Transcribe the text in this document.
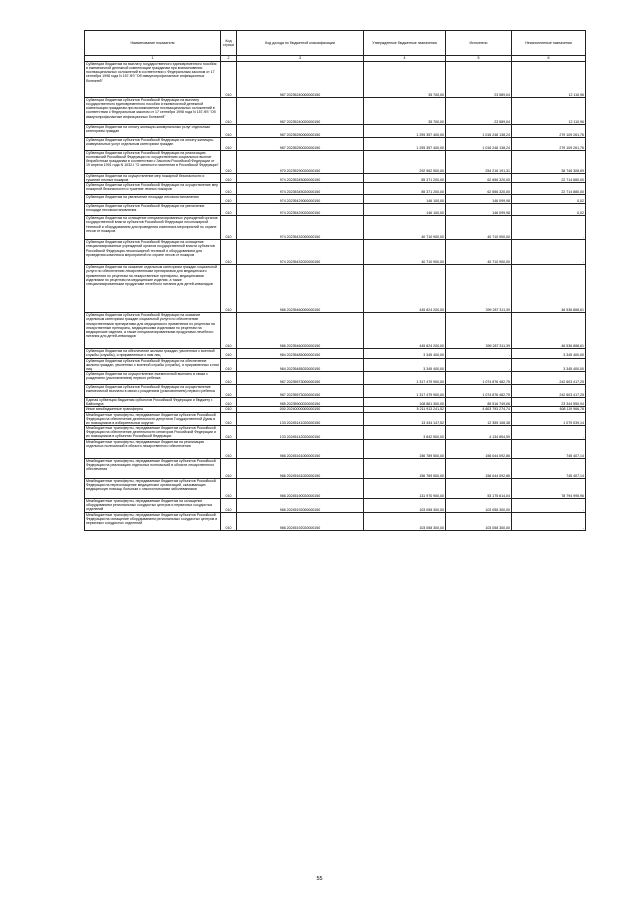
Наименование показателя	Код строки	Код дохода по бюджетной классификации	Утвержденные бюджетные назначения	Исполнено	Неисполненные назначения
1	2	3	4	5	6
Субвенции бюджетам на выплату государственного единовременного пособия и ежемесячной денежной компенсации гражданам при возникновении поствакцинальных осложнений в соответствии с Федеральным законом от 17 сентября 1998 года N 157-ФЗ "Об иммунопрофилактике инфекционных болезней"	010	987 20235240000000150	35 700,00	23 589,04	12 110,96
Субвенции бюджетам субъектов Российской Федерации на выплату государственного единовременного пособия и ежемесячной денежной компенсации гражданам при возникновении поствакцинальных осложнений в соответствии с Федеральным законом от 17 сентября 1998 года N 157-ФЗ "Об иммунопрофилактике инфекционных болезней"	010	987 20235240020000150	35 700,00	23 589,04	12 110,96
Субвенции бюджетам на оплату жилищно-коммунальных услуг отдельным категориям граждан	010	987 20235250000000150	1 295 357 400,00	1 016 248 138,24	279 109 261,76
Субвенции бюджетам субъектов Российской Федерации на оплату жилищно-коммунальных услуг отдельным категориям граждан	010	987 20235250020000150	1 295 357 400,00	1 016 248 138,24	279 109 261,76
Субвенции бюджетам субъектов Российской Федерации на реализацию полномочий Российской Федерации по осуществлению социальных выплат безработным гражданам в соответствии с Законом Российской Федерации от 19 апреля 1991 года N 1032-I "О занятости населения в Российской Федерации"	010	970 20235290020000150	292 962 500,00	254 216 191,31	38 746 308,69
Субвенции бюджетам на осуществление мер пожарной безопасности и тушение лесных пожаров	010	974 20235345000000150	85 371 200,00	62 656 320,00	22 714 880,00
Субвенции бюджетам субъектов Российской Федерации на осуществление мер пожарной безопасности и тушение лесных пожаров	010	974 20235345020000150	85 371 200,00	62 656 320,00	22 714 880,00
Субвенции бюджетам на увеличение площади лесовосстановления	010	974 20235429000000150	146 100,00	146 099,98	0,02
Субвенции бюджетам субъектов Российской Федерации на увеличение площади лесовосстановления	010	974 20235429020000150	146 100,00	146 099,98	0,02
Субвенции бюджетам на оснащение специализированных учреждений органов государственной власти субъектов Российской Федерации лесопожарной техникой и оборудованием для проведения комплекса мероприятий по охране лесов от пожаров	010	974 20235432000000150	40 710 900,00	40 710 900,00	-
Субвенции бюджетам субъектов Российской Федерации на оснащение специализированных учреждений органов государственной власти субъектов Российской Федерации лесопожарной техникой и оборудованием для проведения комплекса мероприятий по охране лесов от пожаров	010	974 20235432020000150	40 710 900,00	40 710 900,00	-
Субвенции бюджетам на оказание отдельным категориям граждан социальной услуги по обеспечению лекарственными препаратами для медицинского применения по рецептам на лекарственные препараты, медицинскими изделиями по рецептам на медицинские изделия, а также специализированными продуктами лечебного питания для детей-инвалидов	010	986 20235460000000150	445 824 200,00	399 287 311,39	46 536 888,61
Субвенции бюджетам субъектов Российской Федерации на оказание отдельным категориям граждан социальной услуги по обеспечению лекарственными препаратами для медицинского применения по рецептам на лекарственные препараты, медицинскими изделиями по рецептам на медицинские изделия, а также специализированными продуктами лечебного питания для детей-инвалидов	010	986 20235460020000150	445 824 200,00	399 287 311,39	46 536 888,61
Субвенции бюджетам на обеспечение жильем граждан, уволенных с военной службы (службы), и приравненных к ним лиц	010	984 20235485000000150	3 345 400,00	-	3 345 400,00
Субвенции бюджетам субъектов Российской Федерации на обеспечение жильем граждан, уволенных с военной службы (службы), и приравненных к ним лиц	010	984 20235485020000150	3 345 400,00	-	3 345 400,00
Субвенции бюджетам на осуществление ежемесячной выплаты в связи с рождением (усыновлением) первого ребенка	010	987 20235573000000150	1 317 479 900,00	1 074 876 482,75	242 603 417,25
Субвенции бюджетам субъектов Российской Федерации на осуществление ежемесячной выплаты в связи с рождением (усыновлением) первого ребенка	010	987 20235573020000150	1 317 479 900,00	1 074 876 482,75	242 603 417,25
Единая субвенция бюджетам субъектов Российской Федерации и бюджету г. Байконура	010	985 20235900020000150	108 861 300,00	85 516 749,06	23 344 550,94
Иные межбюджетные трансферты	010	000 20240000000000150	5 211 913 241,52	4 603 793 274,74	608 119 966,78
Межбюджетные трансферты, передаваемые бюджетам субъектов Российской Федерации на обеспечение деятельности депутатов Государственной Думы и их помощников в избирательных округах	010	133 20245141020000150	13 434 147,52	12 355 108,38	1 079 039,14
Межбюджетные трансферты, передаваемые бюджетам субъектов Российской Федерации на обеспечение деятельности сенаторов Российской Федерации и их помощников в субъектах Российской Федерации	010	133 20245142020000150	3 842 500,00	4 134 854,59	-
Межбюджетные трансферты, передаваемые бюджетам на реализацию отдельных полномочий в области лекарственного обеспечения	010	986 20245161000000150	156 789 500,00	156 044 092,86	745 407,14
Межбюджетные трансферты, передаваемые бюджетам субъектов Российской Федерации на реализацию отдельных полномочий в области лекарственного обеспечения	010	986 20245161020000150	156 789 500,00	156 044 092,86	745 407,14
Межбюджетные трансферты, передаваемые бюджетам субъектов Российской Федерации на переоснащение медицинских организаций, оказывающих медицинскую помощь больным с онкологическими заболеваниями	010	986 20245190020000150	131 970 900,00	53 175 614,04	78 794 995,96
Межбюджетные трансферты, передаваемые бюджетам на оснащение оборудованием региональных сосудистых центров и первичных сосудистых отделений	010	986 20245192000000150	103 058 300,00	103 058 300,00	-
Межбюджетные трансферты, передаваемые бюджетам субъектов Российской Федерации на оснащение оборудованием региональных сосудистых центров и первичных сосудистых отделений	010	986 20245192020000150	103 058 300,00	103 058 300,00	-
55
